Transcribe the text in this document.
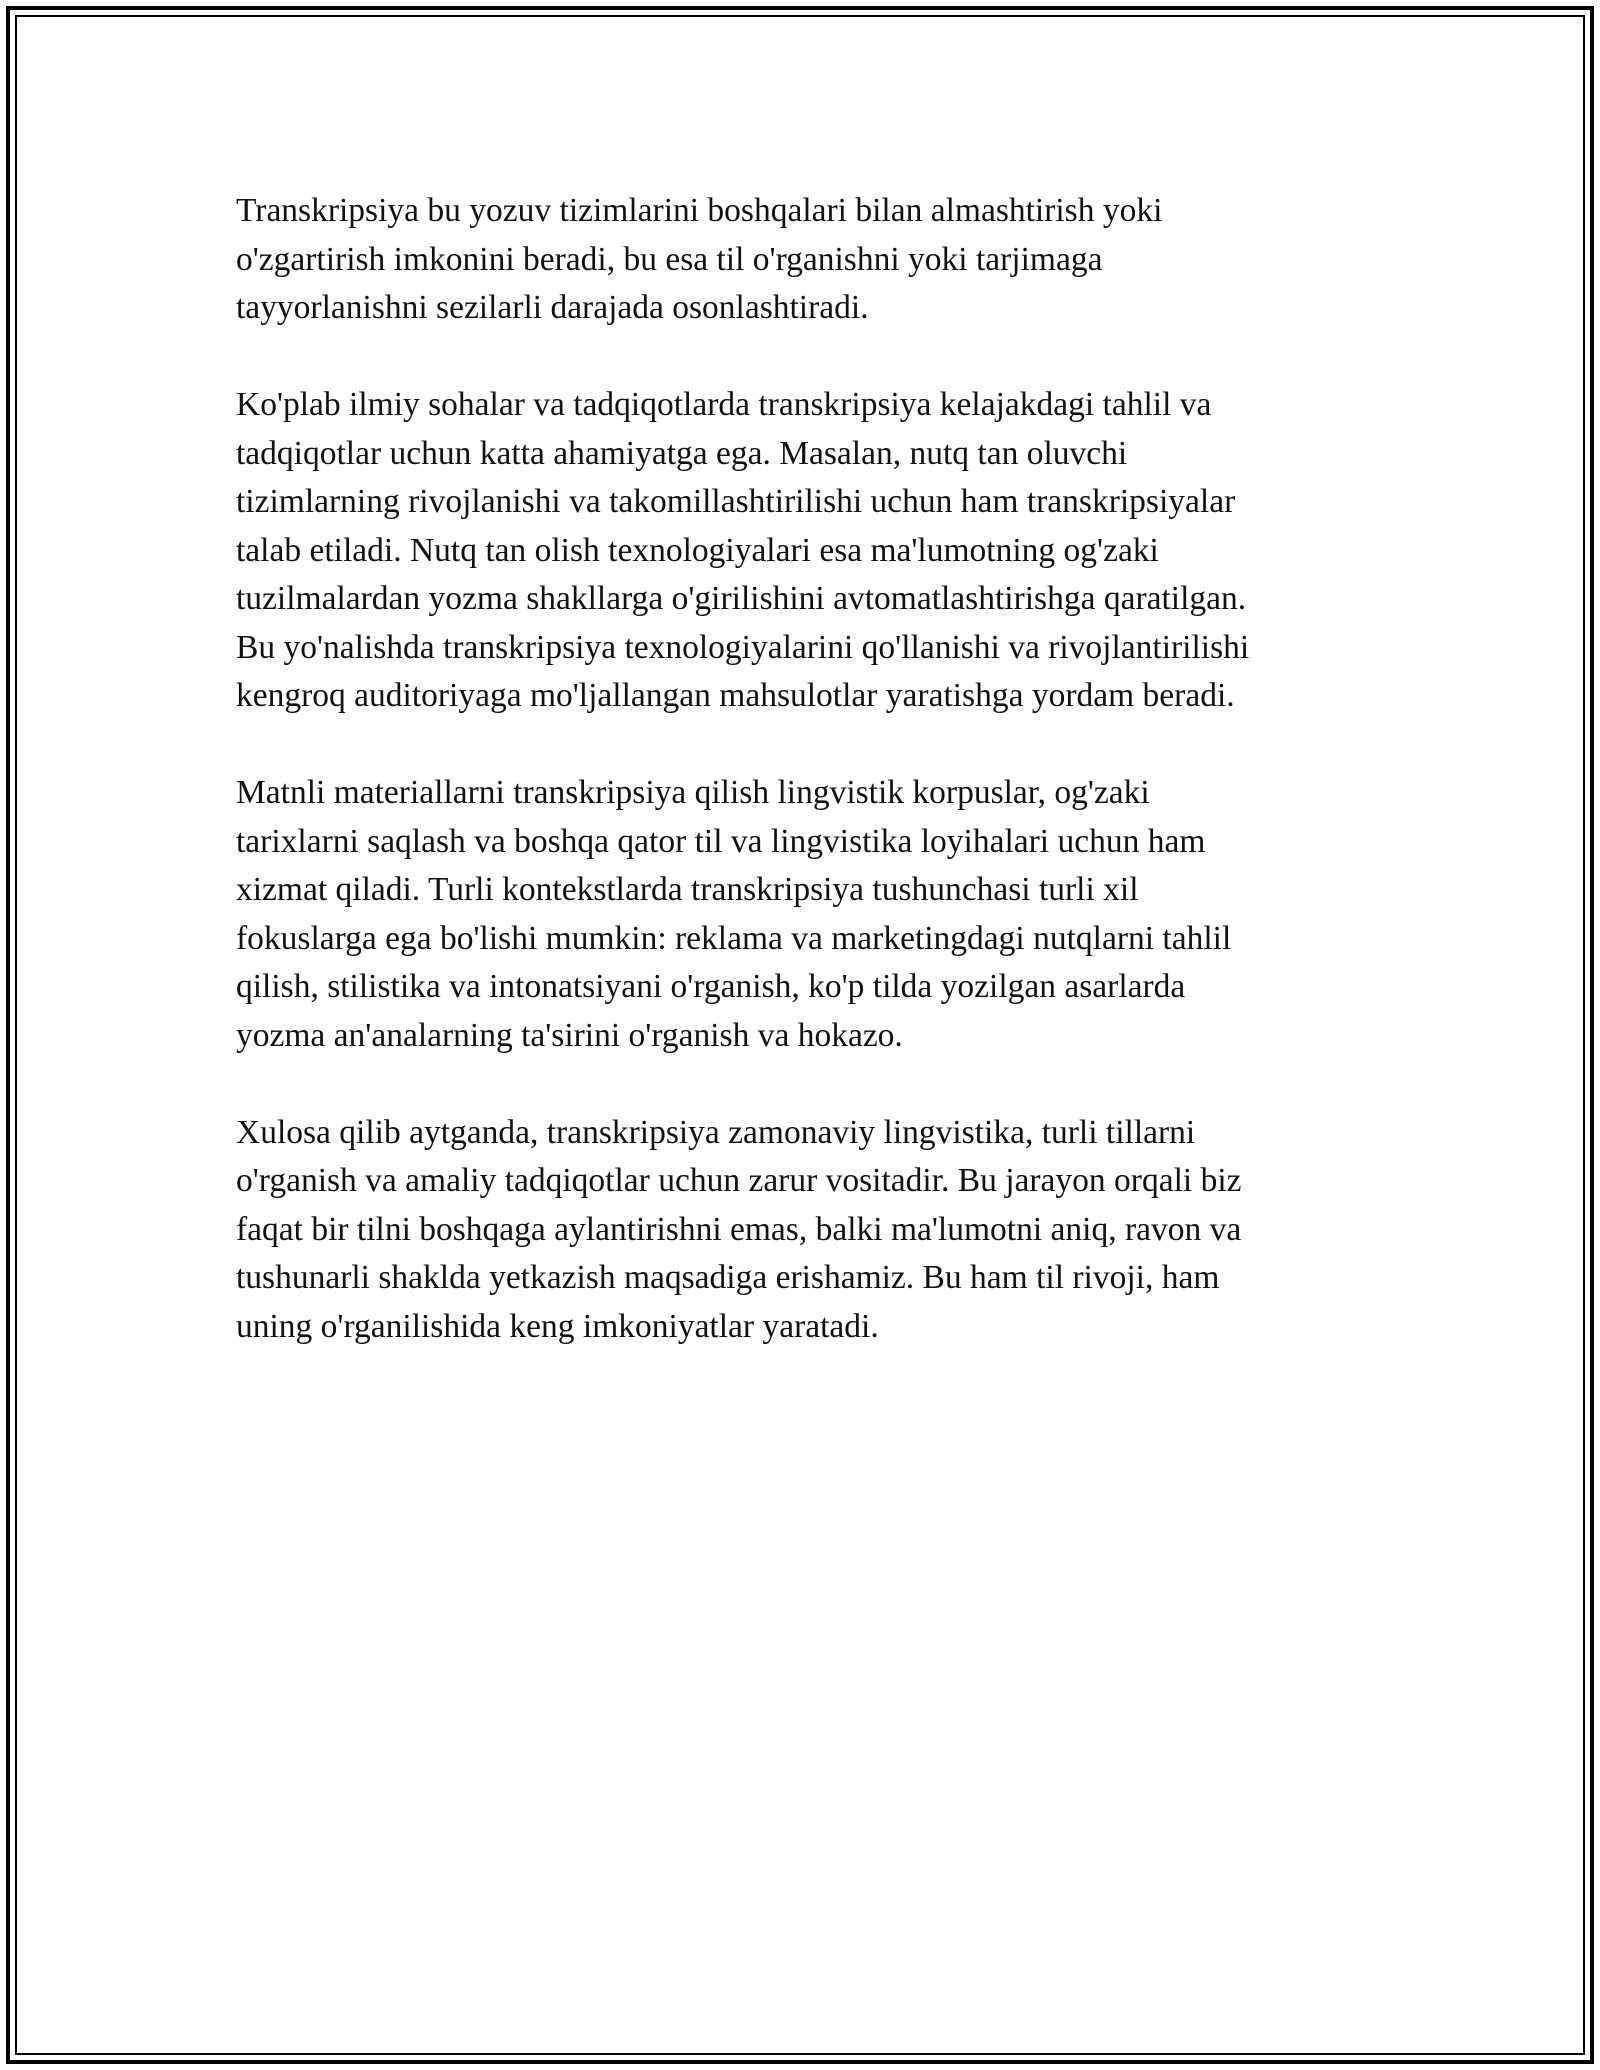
Transkripsiya bu yozuv tizimlarini boshqalari bilan almashtirish yoki
o'zgartirish imkonini beradi, bu esa til o'rganishni yoki tarjimaga
tayyorlanishni sezilarli darajada osonlashtiradi.

Ko'plab ilmiy sohalar va tadqiqotlarda transkripsiya kelajakdagi tahlil va
tadqiqotlar uchun katta ahamiyatga ega. Masalan, nutq tan oluvchi
tizimlarning rivojlanishi va takomillashtirilishi uchun ham transkripsiyalar
talab etiladi. Nutq tan olish texnologiyalari esa ma'lumotning og'zaki
tuzilmalardan yozma shakllarga o'girilishini avtomatlashtirishga qaratilgan.
Bu yo'nalishda transkripsiya texnologiyalarini qo'llanishi va rivojlantirilishi
kengroq auditoriyaga mo'ljallangan mahsulotlar yaratishga yordam beradi.

Matnli materiallarni transkripsiya qilish lingvistik korpuslar, og'zaki
tarixlarni saqlash va boshqa qator til va lingvistika loyihalari uchun ham
xizmat qiladi. Turli kontekstlarda transkripsiya tushunchasi turli xil
fokuslarga ega bo'lishi mumkin: reklama va marketingdagi nutqlarni tahlil
qilish, stilistika va intonatsiyani o'rganish, ko'p tilda yozilgan asarlarda
yozma an'analarning ta'sirini o'rganish va hokazo.

Xulosa qilib aytganda, transkripsiya zamonaviy lingvistika, turli tillarni
o'rganish va amaliy tadqiqotlar uchun zarur vositadir. Bu jarayon orqali biz
faqat bir tilni boshqaga aylantirishni emas, balki ma'lumotni aniq, ravon va
tushunarli shaklda yetkazish maqsadiga erishamiz. Bu ham til rivoji, ham
uning o'rganilishida keng imkoniyatlar yaratadi.
